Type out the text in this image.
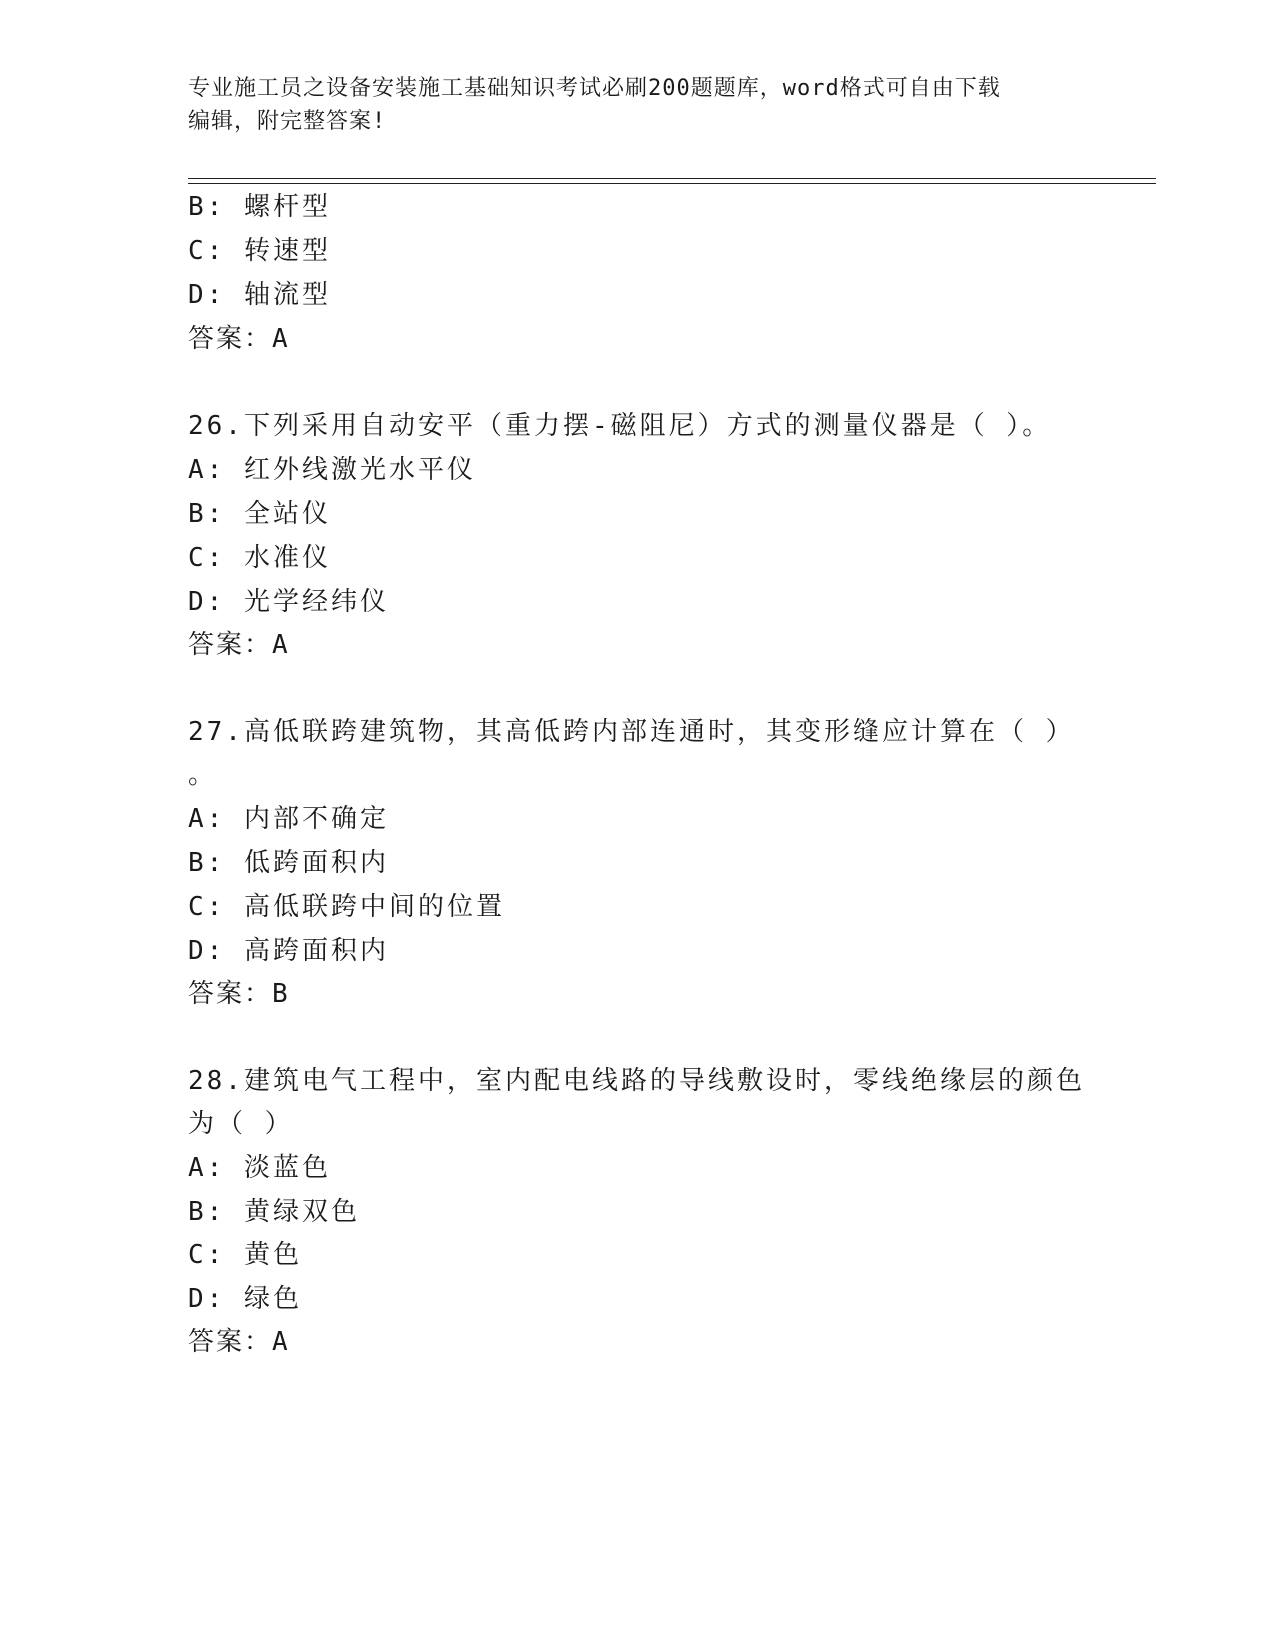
专业施工员之设备安装施工基础知识考试必刷200题题库，word格式可自由下载
编辑，附完整答案!
B: 螺杆型
C: 转速型
D: 轴流型
答案：A
26.下列采用自动安平（重力摆-磁阻尼）方式的测量仪器是（ ）。
A: 红外线激光水平仪
B: 全站仪
C: 水准仪
D: 光学经纬仪
答案：A
27.高低联跨建筑物，其高低跨内部连通时，其变形缝应计算在（ ）
。
A: 内部不确定
B: 低跨面积内
C: 高低联跨中间的位置
D: 高跨面积内
答案：B
28.建筑电气工程中，室内配电线路的导线敷设时，零线绝缘层的颜色
为（ ）
A: 淡蓝色
B: 黄绿双色
C: 黄色
D: 绿色
答案：A
